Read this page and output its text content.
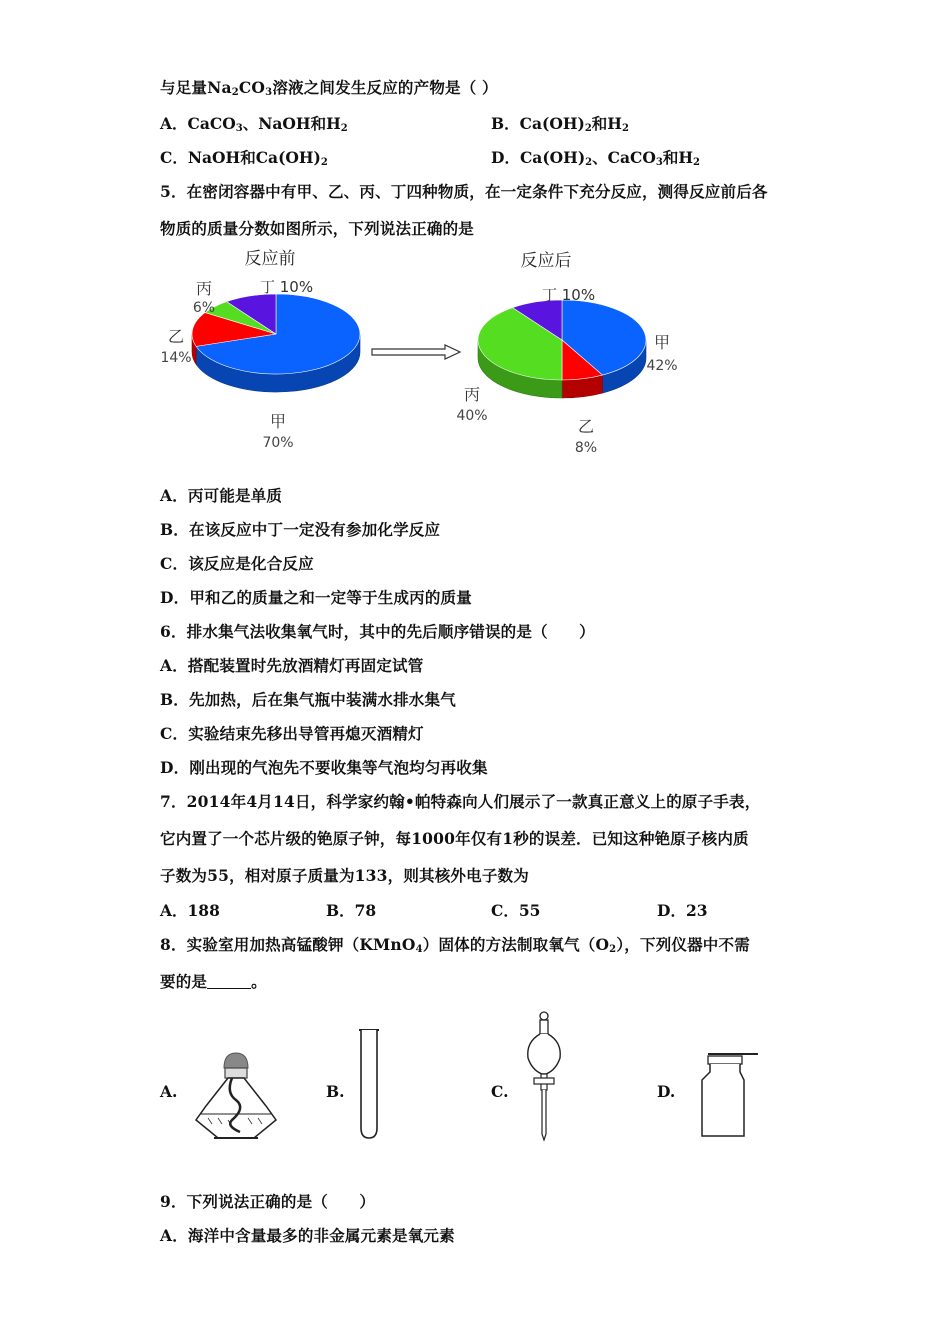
与足量$Na_2CO_3$溶液之间发生反应的产物是（ ）
A．CaCO$_3$、NaOH和$H_2$	B．$Ca(OH)_2$和$H_2$
C．NaOH和$Ca(OH)_2$	D．$Ca(OH)_2$、CaCO$_3$和$H_2$
5．在密闭容器中有甲、乙、丙、丁四种物质，在一定条件下充分反应，测得反应前后各
物质的质量分数如图所示，下列说法正确的是
反应前
甲
70%
乙
14%
丙
6%
丁 10%
反应后
甲
42%
乙
8%
丙
40%
丁 10%
A．丙可能是单质
B．在该反应中丁一定没有参加化学反应
C．该反应是化合反应
D．甲和乙的质量之和一定等于生成丙的质量
6．排水集气法收集氧气时，其中的先后顺序错误的是（　　）
A．搭配装置时先放酒精灯再固定试管
B．先加热，后在集气瓶中装满水排水集气
C．实验结束先移出导管再熄灭酒精灯
D．刚出现的气泡先不要收集等气泡均匀再收集
7．2014年4月14日，科学家约翰•帕特森向人们展示了一款真正意义上的原子手表，
它内置了一个芯片级的铯原子钟，每1000年仅有1秒的误差．已知这种铯原子核内质
子数为55，相对原子质量为133，则其核外电子数为
A．188	B．78	C．55	D．23
8．实验室用加热高锰酸钾（KMnO$_4$）固体的方法制取氧气$(O_2)$，下列仪器中不需
要的是	。
A.	B.	C.	D.
9．下列说法正确的是（　　）
A．海洋中含量最多的非金属元素是氧元素
